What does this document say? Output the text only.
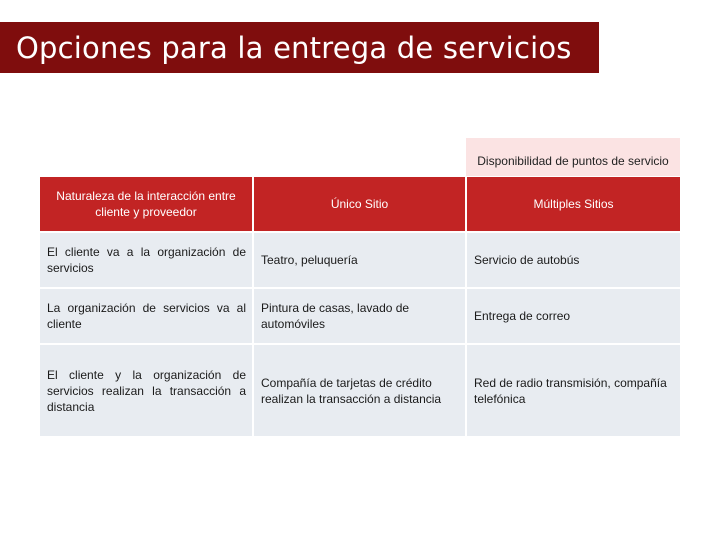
Opciones para la entrega de servicios
Disponibilidad de puntos de servicio
Naturaleza de la interacción entre cliente y proveedor
Único Sitio	Múltiples Sitios
El cliente va a la organización de servicios
Teatro, peluquería	Servicio de autobús
La organización de servicios va al cliente
Pintura de casas, lavado de automóviles
Entrega de correo
El cliente y la organización de servicios realizan la transacción a distancia
Compañía de tarjetas de crédito realizan la transacción a distancia
Red de radio transmisión, compañía telefónica
